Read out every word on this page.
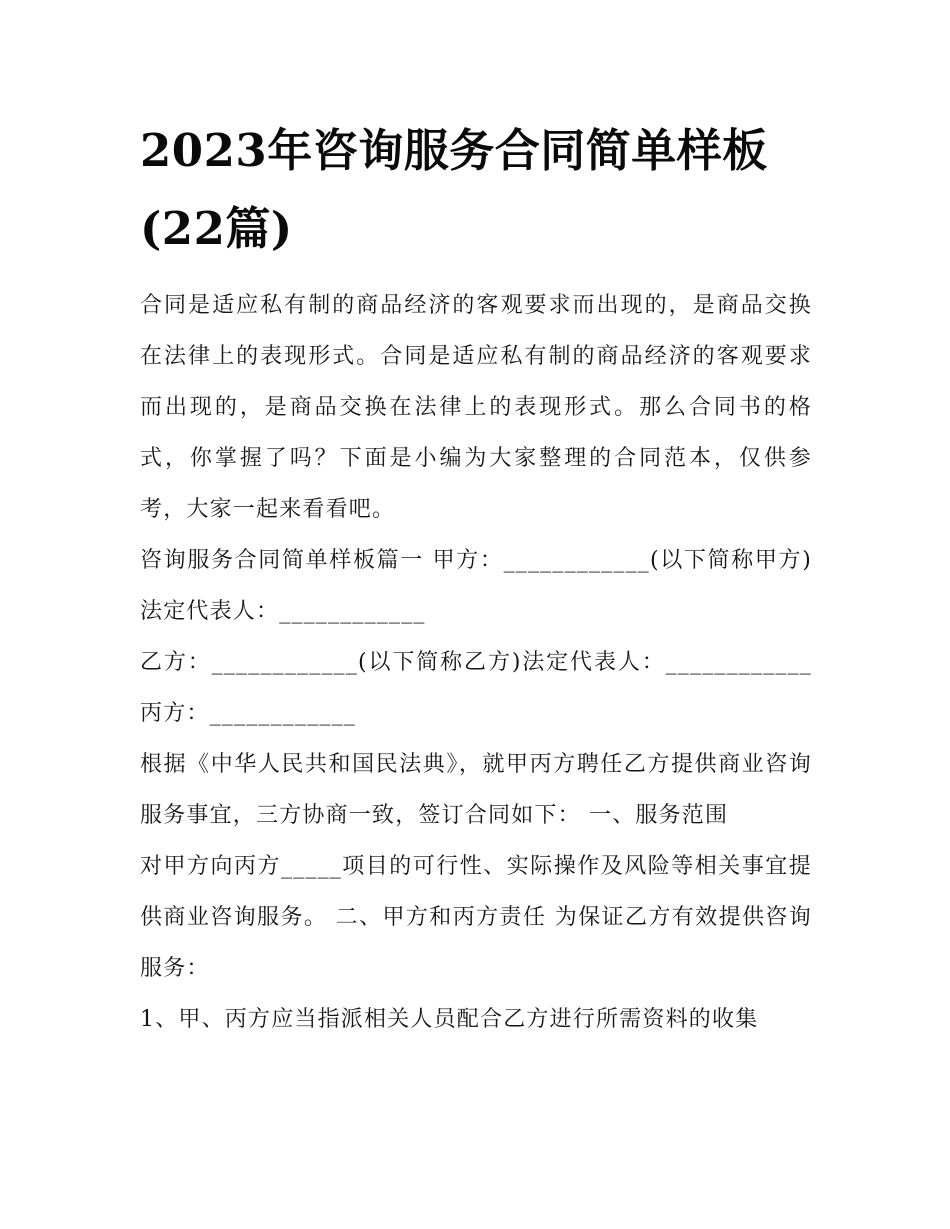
2023年咨询服务合同简单样板(22篇)

合同是适应私有制的商品经济的客观要求而出现的，是商品交换在法律上的表现形式。合同是适应私有制的商品经济的客观要求而出现的，是商品交换在法律上的表现形式。那么合同书的格式，你掌握了吗？下面是小编为大家整理的合同范本，仅供参考，大家一起来看看吧。

咨询服务合同简单样板篇一 甲方：____________(以下简称甲方)法定代表人：____________

乙方：____________(以下简称乙方)法定代表人：____________ 丙方：____________

根据《中华人民共和国民法典》，就甲丙方聘任乙方提供商业咨询服务事宜，三方协商一致，签订合同如下： 一、服务范围

对甲方向丙方_____项目的可行性、实际操作及风险等相关事宜提供商业咨询服务。 二、甲方和丙方责任 为保证乙方有效提供咨询服务：

1、甲、丙方应当指派相关人员配合乙方进行所需资料的收集
